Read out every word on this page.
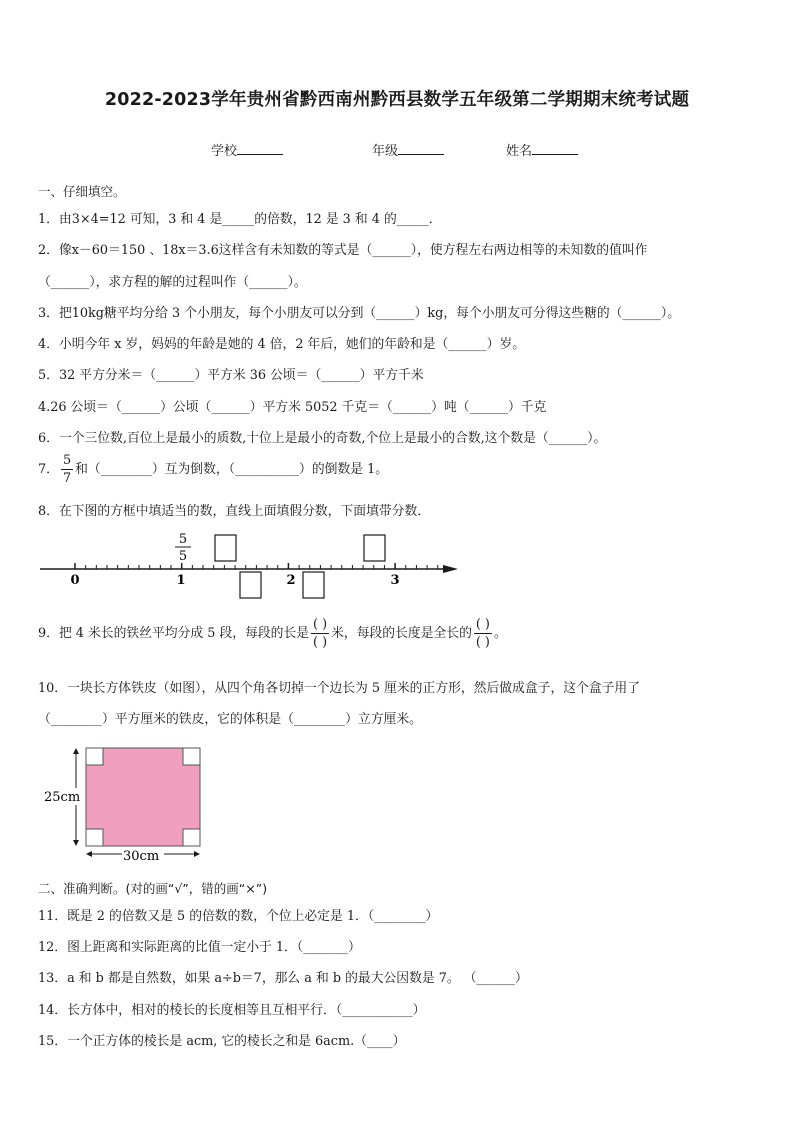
2022-2023学年贵州省黔西南州黔西县数学五年级第二学期期末统考试题
学校	年级	姓名
一、仔细填空。
1．由3×4=12 可知，3 和 4 是_____的倍数，12 是 3 和 4 的_____．
2．像x－60＝150 、18x＝3.6这样含有未知数的等式是（______），使方程左右两边相等的未知数的值叫作
（______），求方程的解的过程叫作（______）。
3．把10kg糖平均分给 3 个小朋友，每个小朋友可以分到（______）kg，每个小朋友可分得这些糖的（______）。
4．小明今年 x 岁，妈妈的年龄是她的 4 倍，2 年后，她们的年龄和是（______）岁。
5．32 平方分米＝（______）平方米 36 公顷＝（______）平方千米
4.26 公顷＝（______）公顷（______）平方米 5052 千克＝（______）吨（______）千克
6．一个三位数,百位上是最小的质数,十位上是最小的奇数,个位上是最小的合数,这个数是（______）。
7． $\frac{5}{7}$ 和（________）互为倒数，（__________）的倒数是 1。
8．在下图的方框中填适当的数，直线上面填假分数，下面填带分数．
0	1	2	3
5
5
9．把 4 米长的铁丝平均分成 5 段，每段的长是 $\frac{( )}{( )}$ 米，每段的长度是全长的 $\frac{( )}{( )}$ 。
10．一块长方体铁皮（如图），从四个角各切掉一个边长为 5 厘米的正方形，然后做成盒子，这个盒子用了
（________）平方厘米的铁皮，它的体积是（________）立方厘米。
25cm
30cm
二、准确判断。(对的画“√”，错的画“×”)
11．既是 2 的倍数又是 5 的倍数的数，个位上必定是 1．（________）
12．图上距离和实际距离的比值一定小于 1．（_______）
13．a 和 b 都是自然数，如果 a÷b＝7，那么 a 和 b 的最大公因数是 7。 （______）
14．长方体中，相对的棱长的长度相等且互相平行．（___________）
15．一个正方体的棱长是 acm, 它的棱长之和是 6acm.（____）
